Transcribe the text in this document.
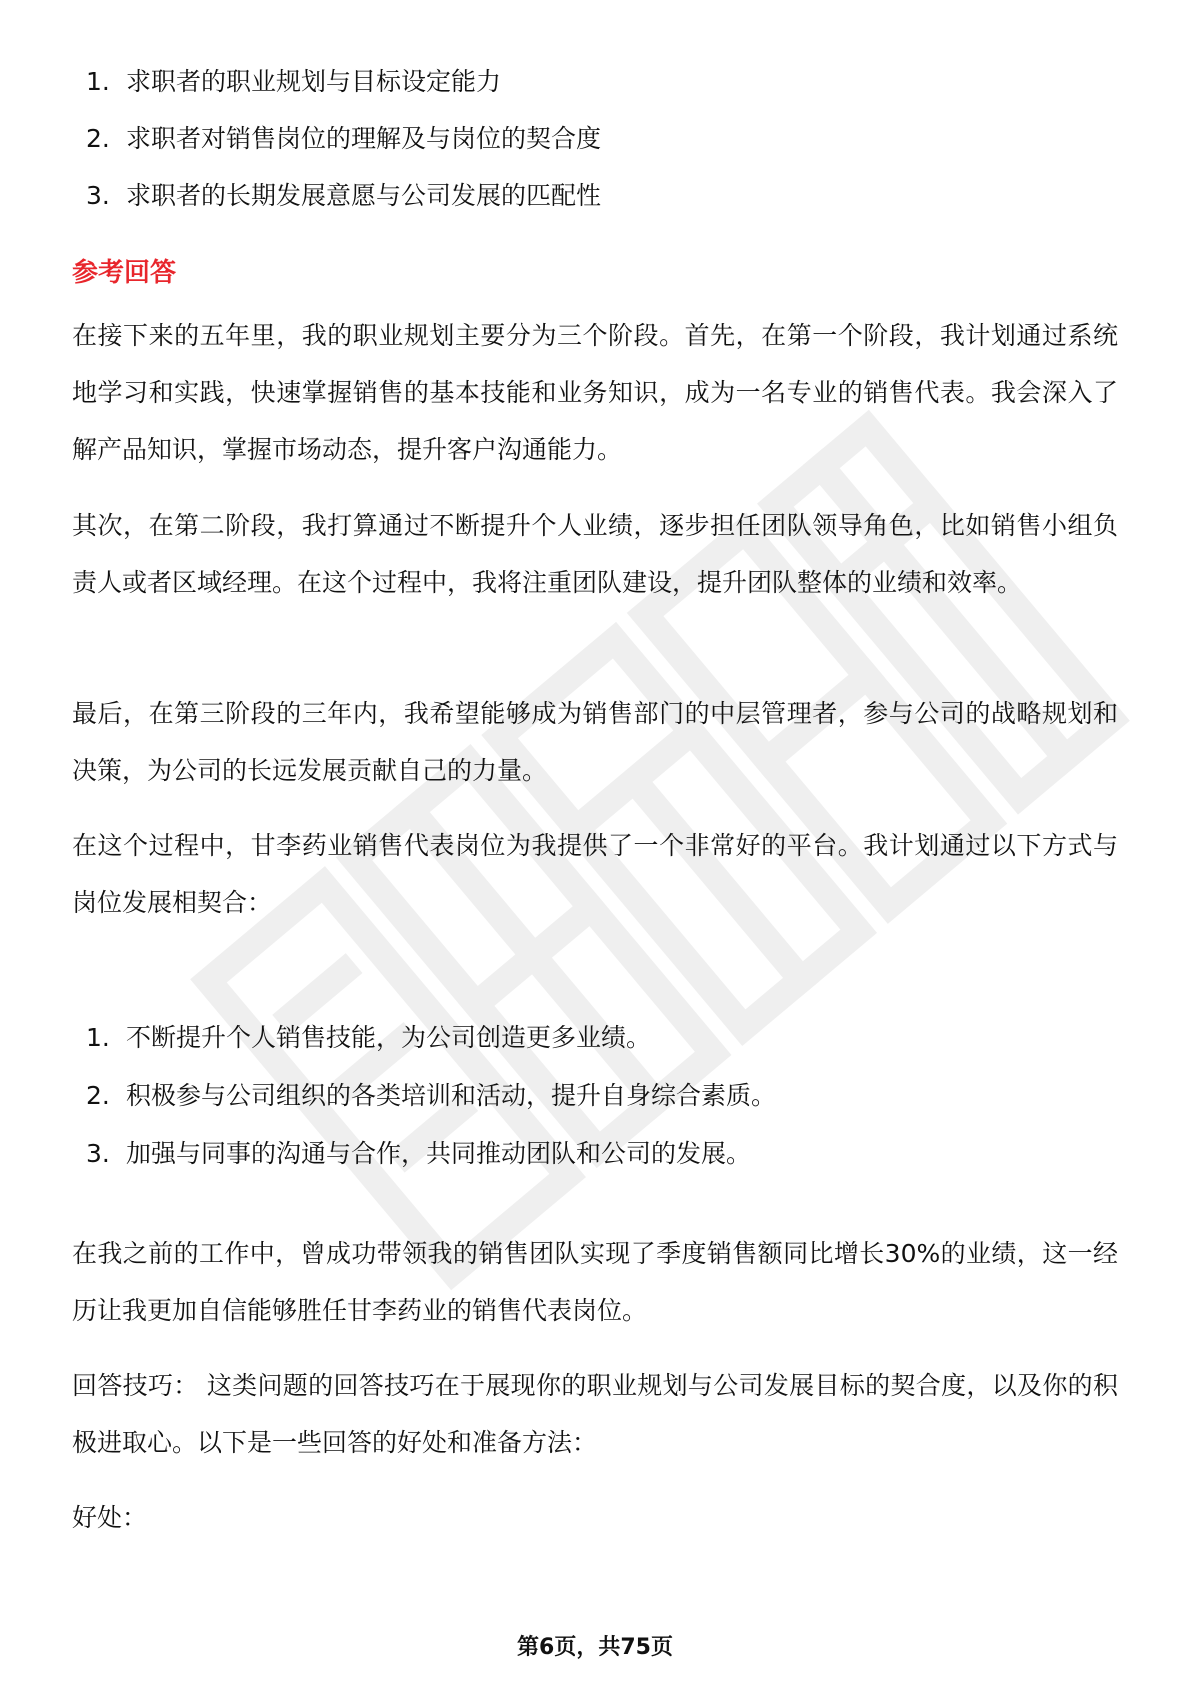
1. 求职者的职业规划与目标设定能力
2. 求职者对销售岗位的理解及与岗位的契合度
3. 求职者的长期发展意愿与公司发展的匹配性
参考回答

在接下来的五年里，我的职业规划主要分为三个阶段。首先，在第一个阶段，我计划通过系统地学习和实践，快速掌握销售的基本技能和业务知识，成为一名专业的销售代表。我会深入了解产品知识，掌握市场动态，提升客户沟通能力。

其次，在第二阶段，我打算通过不断提升个人业绩，逐步担任团队领导角色，比如销售小组负责人或者区域经理。在这个过程中，我将注重团队建设，提升团队整体的业绩和效率。

最后，在第三阶段的三年内，我希望能够成为销售部门的中层管理者，参与公司的战略规划和决策，为公司的长远发展贡献自己的力量。

在这个过程中，甘李药业销售代表岗位为我提供了一个非常好的平台。我计划通过以下方式与岗位发展相契合：

1. 不断提升个人销售技能，为公司创造更多业绩。
2. 积极参与公司组织的各类培训和活动，提升自身综合素质。
3. 加强与同事的沟通与合作，共同推动团队和公司的发展。

在我之前的工作中，曾成功带领我的销售团队实现了季度销售额同比增长30%的业绩，这一经历让我更加自信能够胜任甘李药业的销售代表岗位。

回答技巧： 这类问题的回答技巧在于展现你的职业规划与公司发展目标的契合度，以及你的积极进取心。以下是一些回答的好处和准备方法：

好处：

第6页，共75页
